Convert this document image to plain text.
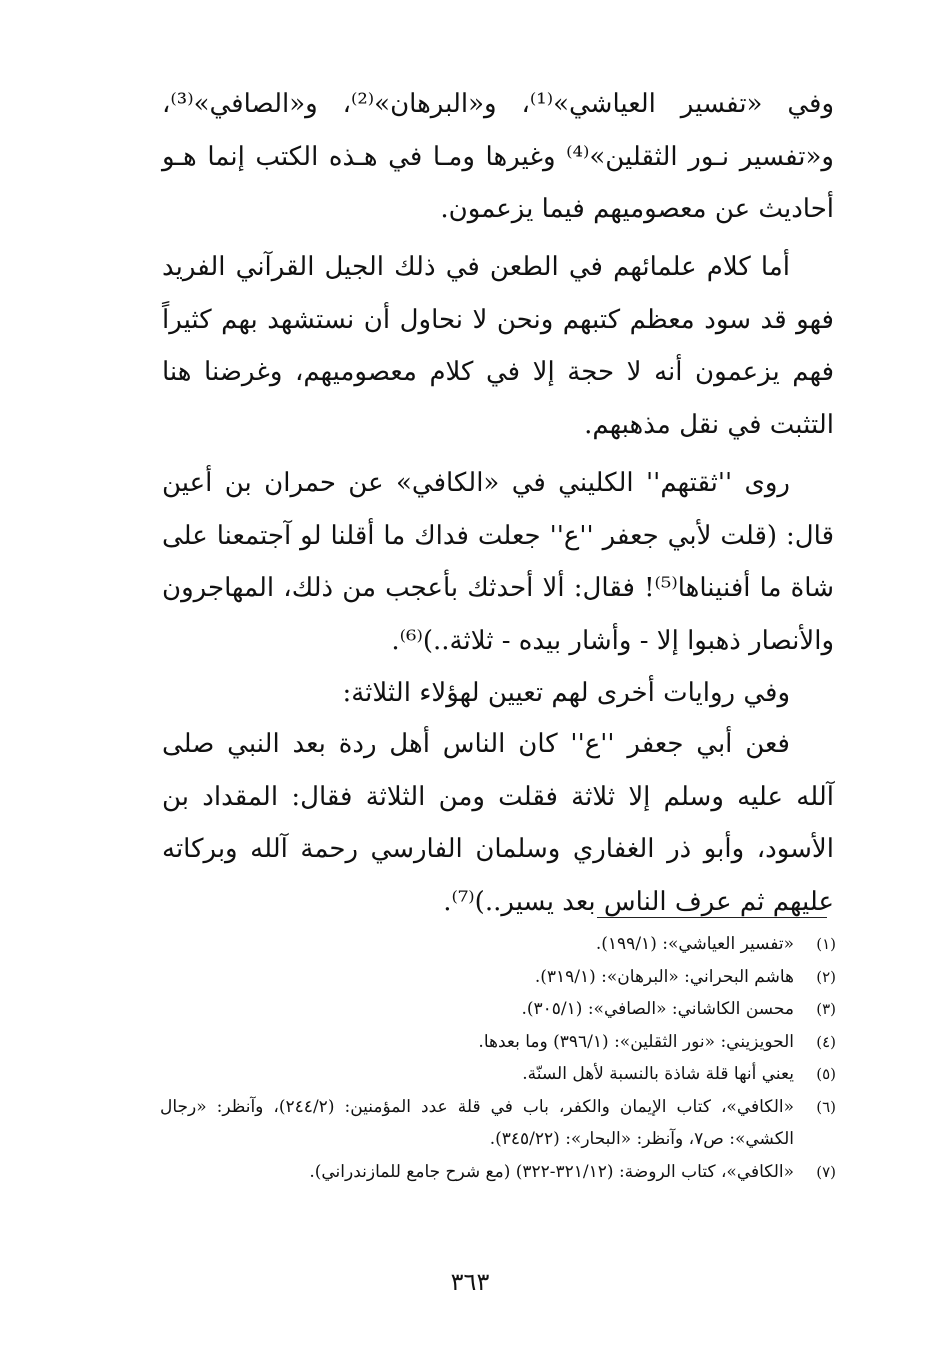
وفي «تفسير العياشي»⁽¹⁾، و«البرهان»⁽²⁾، و«الصافي»⁽³⁾، و«تفسير نـور الثقلين»⁽⁴⁾ وغيرها ومـا في هـذه الكتب إنما هـو أحاديث عن معصوميهم فيما يزعمون.

أما كلام علمائهم في الطعن في ذلك الجيل القرآني الفريد فهو قد سود معظم كتبهم ونحن لا نحاول أن نستشهد بهم كثيراً فهم يزعمون أنه لا حجة إلا في كلام معصوميهم، وغرضنا هنا التثبت في نقل مذهبهم.

روى ''ثقتهم'' الكليني في «الكافي» عن حمران بن أعين قال: (قلت لأبي جعفر ''ع'' جعلت فداك ما أقلنا لو آجتمعنا على شاة ما أفنيناها⁽⁵⁾! فقال: ألا أحدثك بأعجب من ذلك، المهاجرون والأنصار ذهبوا إلا - وأشار بيده - ثلاثة..)⁽⁶⁾.

وفي روايات أخرى لهم تعيين لهؤلاء الثلاثة:

فعن أبي جعفر ''ع'' كان الناس أهل ردة بعد النبي صلى آلله عليه وسلم إلا ثلاثة فقلت ومن الثلاثة فقال: المقداد بن الأسود، وأبو ذر الغفاري وسلمان الفارسي رحمة آلله وبركاته عليهم ثم عرف الناس بعد يسير..)⁽⁷⁾.

(١)
«تفسير العياشي»: (١٩٩/١).
(٢)
هاشم البحراني: «البرهان»: (٣١٩/١).
(٣)
محسن الكاشاني: «الصافي»: (٣٠٥/١).
(٤)
الحويزيني: «نور الثقلين»: (٣٩٦/١) وما بعدها.
(٥)
يعني أنها قلة شاذة بالنسبة لأهل السنّة.
(٦)
«الكافي»، كتاب الإيمان والكفر، باب في قلة عدد المؤمنين: (٢٤٤/٢)، وآنظر: «رجال الكشي»: ص٧، وآنظر: «البحار»: (٣٤٥/٢٢).
(٧)
«الكافي»، كتاب الروضة: (٣٢١/١٢-٣٢٢) (مع شرح جامع للمازندراني).
٣٦٣
